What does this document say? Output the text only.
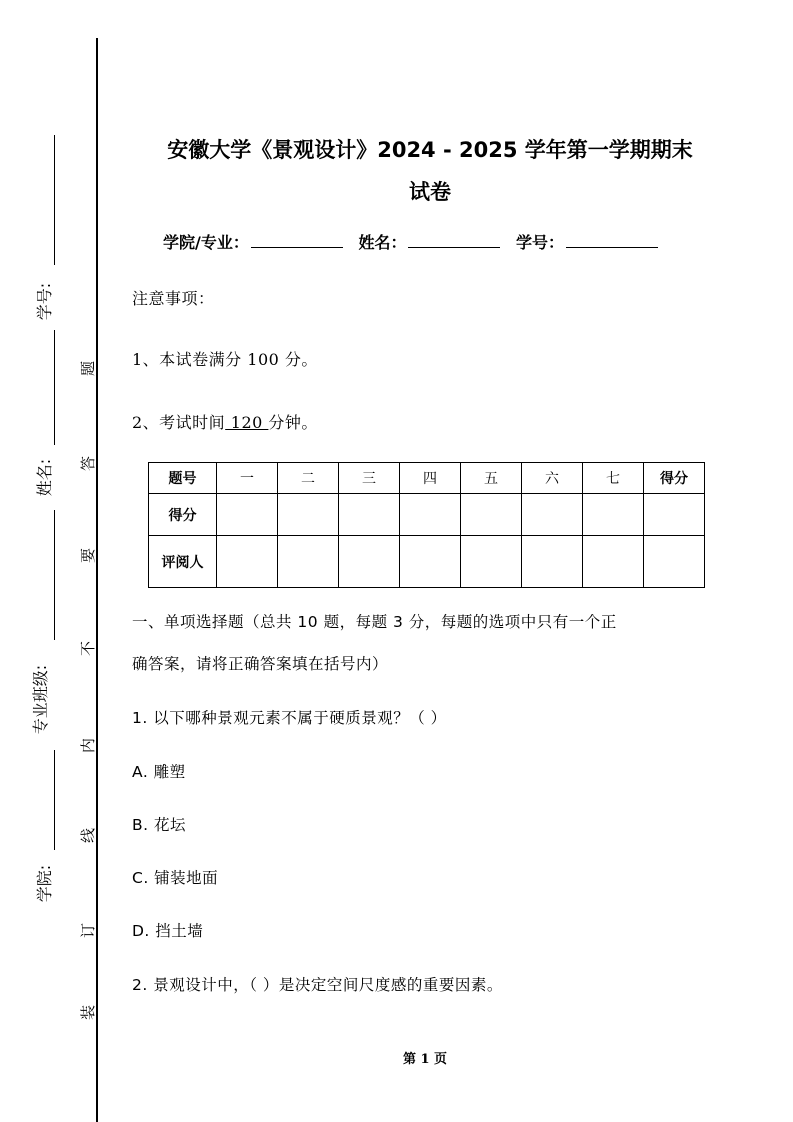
学号:
姓名:
专业班级:
学院:
题
答
要
不
内
线
订
装
安徽大学《景观设计》2024 - 2025 学年第一学期期末
试卷
学院/专业：	姓名：	学号：
注意事项：
1、本试卷满分 100 分。
2、考试时间 120 分钟。
题号	一	二	三	四	五	六	七	得分
得分								
评阅人								
一、单项选择题（总共 10 题，每题 3 分，每题的选项中只有一个正
确答案，请将正确答案填在括号内）
1. 以下哪种景观元素不属于硬质景观？（ ）
A. 雕塑
B. 花坛
C. 铺装地面
D. 挡土墙
2. 景观设计中，（ ）是决定空间尺度感的重要因素。
第 1 页
